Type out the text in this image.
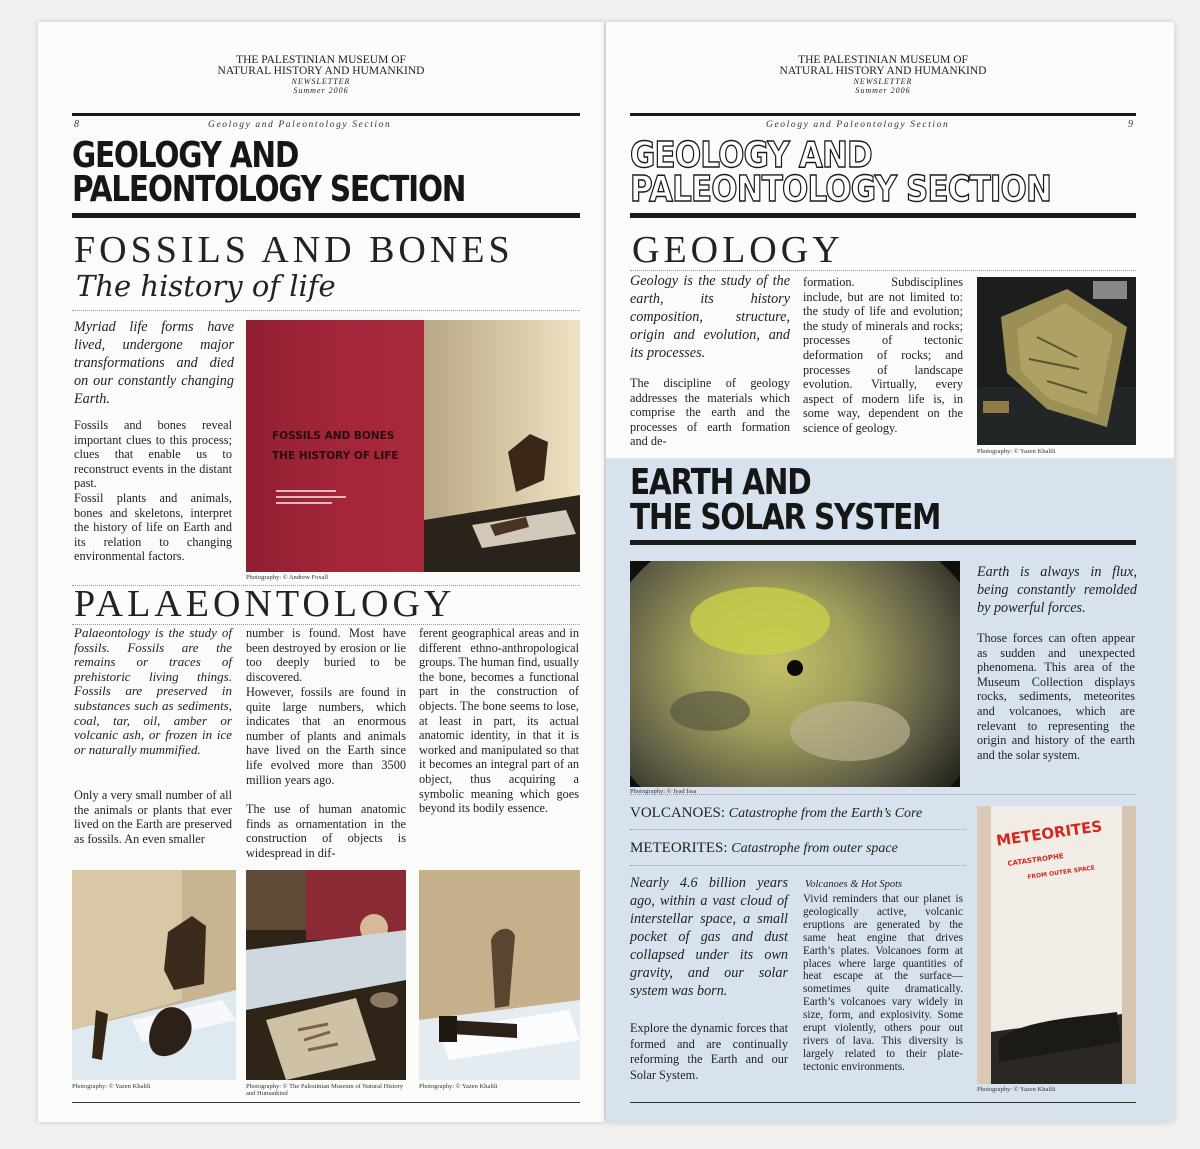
THE PALESTINIAN MUSEUM OF
NATURAL HISTORY AND HUMANKIND
NEWSLETTER
Summer 2006
8	Geology and Paleontology Section
GEOLOGY AND
PALEONTOLOGY SECTION
FOSSILS AND BONES
The history of life
Myriad life forms have lived, undergone major transformations and died on our constantly changing Earth.
Fossils and bones reveal important clues to this process; clues that enable us to reconstruct events in the distant past.
Fossil plants and animals, bones and skeletons, interpret the history of life on Earth and its relation to changing environmental factors.
FOSSILS AND BONES
THE HISTORY OF LIFE
Photography: © Andrew Foxall
PALAEONTOLOGY
Palaeontology is the study of fossils. Fossils are the remains or traces of prehistoric living things. Fossils are preserved in substances such as sediments, coal, tar, oil, amber or volcanic ash, or frozen in ice or naturally mummified.
Only a very small number of all the animals or plants that ever lived on the Earth are preserved as fossils. An even smaller
number is found. Most have been destroyed by erosion or lie too deeply buried to be discovered.
However, fossils are found in quite large numbers, which indicates that an enormous number of plants and animals have lived on the Earth since life evolved more than 3500 million years ago.
The use of human anatomic finds as ornamentation in the construction of objects is widespread in dif-
ferent geographical areas and in different ethno-anthropological groups. The human find, usually the bone, becomes a functional part in the construction of objects. The bone seems to lose, at least in part, its actual anatomic identity, in that it is worked and manipulated so that it becomes an integral part of an object, thus acquiring a symbolic meaning which goes beyond its bodily essence.
Photography: © Yazen Khalili	Photography: © The Palestinian Museum of Natural History and Humankind
Photography: © Yazen Khalili
THE PALESTINIAN MUSEUM OF
NATURAL HISTORY AND HUMANKIND
NEWSLETTER
Summer 2006
Geology and Paleontology Section	9
GEOLOGY AND
PALEONTOLOGY SECTION
GEOLOGY
Geology is the study of the earth, its history composition, structure, origin and evolution, and its processes.
The discipline of geology addresses the materials which comprise the earth and the processes of earth formation and de-
formation. Subdisciplines include, but are not limited to: the study of life and evolution; the study of minerals and rocks; processes of tectonic deformation of rocks; and processes of landscape evolution. Virtually, every aspect of modern life is, in some way, dependent on the science of geology.
Photography: © Yazen Khalili
EARTH AND
THE SOLAR SYSTEM
Photography: © Iyad Issa
Earth is always in flux, being constantly remolded by powerful forces.
Those forces can often appear as sudden and unexpected phenomena. This area of the Museum Collection displays rocks, sediments, meteorites and volcanoes, which are relevant to representing the origin and history of the earth and the solar system.
VOLCANOES: Catastrophe from the Earth’s Core
METEORITES: Catastrophe from outer space
Nearly 4.6 billion years ago, within a vast cloud of interstellar space, a small pocket of gas and dust collapsed under its own gravity, and our solar system was born.
Explore the dynamic forces that formed and are continually reforming the Earth and our Solar System.
Volcanoes & Hot Spots
Vivid reminders that our planet is geologically active, volcanic eruptions are generated by the same heat engine that drives Earth’s plates. Volcanoes form at places where large quantities of heat escape at the surface—sometimes quite dramatically. Earth’s volcanoes vary widely in size, form, and explosivity. Some erupt violently, others pour out rivers of lava. This diversity is largely related to their plate-tectonic environments.
METEORITES
CATASTROPHE
FROM OUTER SPACE
Photography: © Yazen Khalili
